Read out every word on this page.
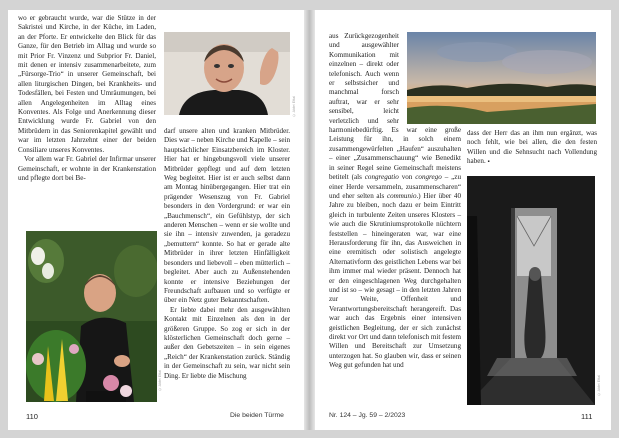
wo er gebraucht wurde, war die Stütze in der Sakristei und Kirche, in der Küche, im Laden, an der Pforte. Er entwickelte den Blick für das Ganze, für den Betrieb im Alltag und wurde so mit Prior Fr. Vinzenz und Subprior Fr. Daniel, mit denen er intensiv zusammenarbeitete, zum „Fürsorge-Trio“ in unserer Gemeinschaft, bei allen liturgischen Dingen, bei Krankheits- und Todesfällen, bei Festen und Umräumungen, bei allen Angelegenheiten im Alltag eines Konventes. Als Folge und Anerkennung dieser Entwicklung wurde Fr. Gabriel von den Mitbrüdern in das Seniorenkapitel gewählt und war im letzten Jahrzehnt einer der beiden Consiliare unseres Konventes.

Vor allem war Fr. Gabriel der Infirmar unserer Gemeinschaft, er wohnte in der Krankenstation und pflegte dort bei Be-

© Abtei Ettal
© Abtei Ettal

darf unsere alten und kranken Mitbrüder. Dies war – neben Kirche und Kapelle – sein hauptsächlicher Einsatzbereich im Kloster. Hier hat er hingebungsvoll viele unserer Mitbrüder gepflegt und auf dem letzten Weg begleitet. Hier ist er auch selbst dann am Montag hinübergegangen. Hier trat ein prägender Wesenszug von Fr. Gabriel besonders in den Vordergrund: er war ein „Bauchmensch“, ein Gefühlstyp, der sich anderen Menschen – wenn er sie wollte und sie ihn – intensiv zuwenden, ja geradezu „bemuttern“ konnte. So hat er gerade alte Mitbrüder in ihrer letzten Hinfälligkeit besonders und liebevoll – eben mütterlich – begleitet. Aber auch zu Außenstehenden konnte er intensive Beziehungen der Freundschaft aufbauen und so verfügte er über ein Netz guter Bekanntschaften.

Er liebte dabei mehr den ausgewählten Kontakt mit Einzelnen als den in der größeren Gruppe. So zog er sich in der klösterlichen Gemeinschaft doch gerne – außer den Gebetszeiten – in sein eigenes „Reich“ der Krankenstation zurück. Ständig in der Gemeinschaft zu sein, war nicht sein Ding. Er liebte die Mischung

110	Die beiden Türme

aus Zurückgezogenheit und ausgewählter Kommunikation mit einzelnen – direkt oder telefonisch. Auch wenn er selbstsicher und manchmal forsch auftrat, war er sehr sensibel, leicht verletzlich und sehr harmoniebedürftig. Es war eine große Leistung für ihn, in solch einem zusammengewürfelten „Haufen“ auszuhalten – einer „Zusammenschauung“ wie Benedikt in seiner Regel seine Gemeinschaft meistens betitelt (als congregatio von congrego – „zu einer Herde versammeln, zusammenscharen“ und eher selten als communio.) Hier über 40 Jahre zu bleiben, noch dazu er beim Eintritt gleich in turbulente Zeiten unseres Klosters – wie auch die Skrutiniumsprotokolle nüchtern feststellen – hineingeraten war, war eine Herausforderung für ihn, das Ausweichen in eine eremitisch oder solistisch angelegte Alternativform des geistlichen Lebens war bei ihm immer mal wieder präsent. Dennoch hat er den eingeschlagenen Weg durchgehalten und ist so – wie gesagt – in den letzten Jahren zur Weite, Offenheit und Verantwortungsbereitschaft herangereift. Das war auch das Ergebnis einer intensiven geistlichen Begleitung, der er sich zunächst direkt vor Ort und dann telefonisch mit festem Willen und Bereitschaft zur Umsetzung unterzogen hat. So glauben wir, dass er seinen Weg gut gefunden hat und

dass der Herr das an ihm nun ergänzt, was noch fehlt, wie bei allen, die den festen Willen und die Sehnsucht nach Vollendung haben. ▪

© Abtei Ettal
Nr. 124 – Jg. 59 – 2/2023	111
